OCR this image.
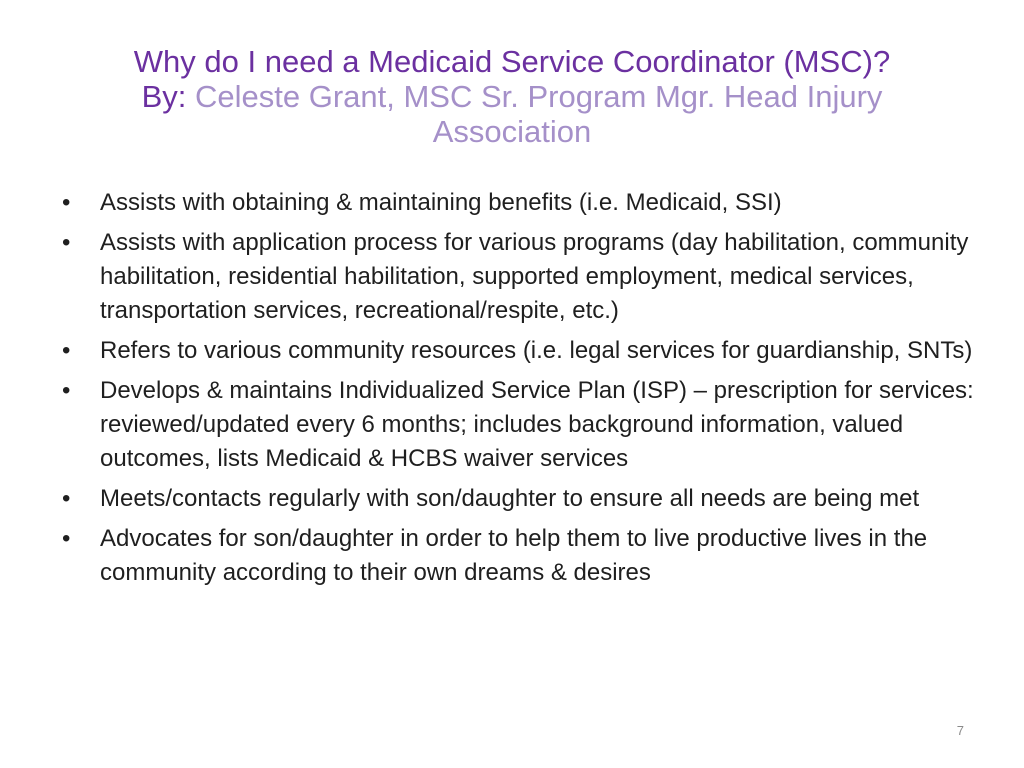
Why do I need a Medicaid Service Coordinator (MSC)?
By: Celeste Grant, MSC Sr. Program Mgr. Head Injury
Association
• Assists with obtaining & maintaining benefits (i.e. Medicaid, SSI)
• Assists with application process for various programs (day habilitation, community habilitation, residential habilitation, supported employment, medical services, transportation services, recreational/respite, etc.)
• Refers to various community resources (i.e. legal services for guardianship, SNTs)
• Develops & maintains Individualized Service Plan (ISP) – prescription for services: reviewed/updated every 6 months; includes background information, valued outcomes, lists Medicaid & HCBS waiver services
• Meets/contacts regularly with son/daughter to ensure all needs are being met
• Advocates for son/daughter in order to help them to live productive lives in the community according to their own dreams & desires
7
